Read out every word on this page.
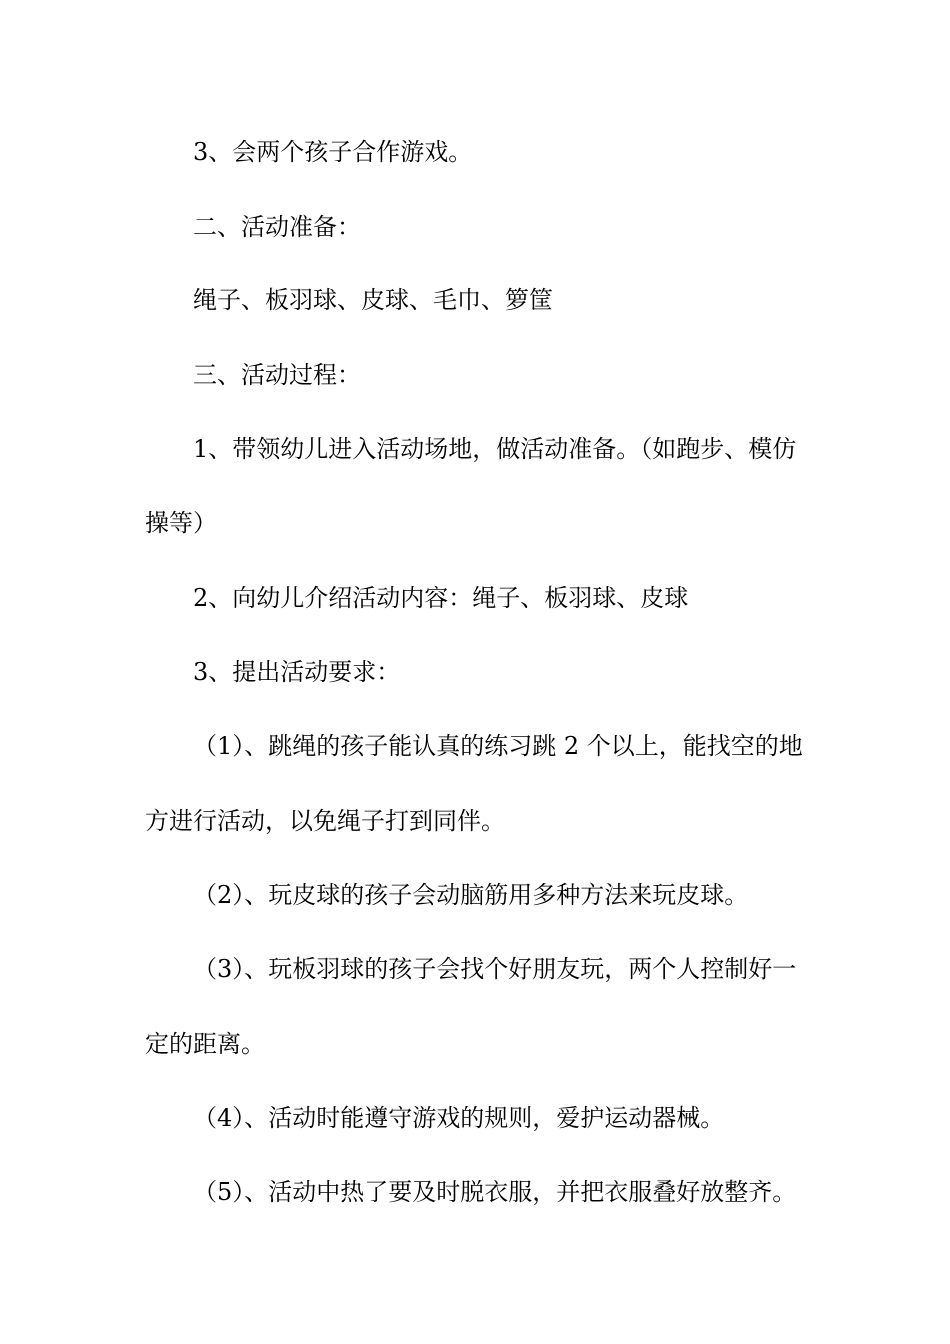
3、会两个孩子合作游戏。
二、活动准备：
绳子、板羽球、皮球、毛巾、箩筐
三、活动过程：
1、带领幼儿进入活动场地，做活动准备。（如跑步、模仿
操等）
2、向幼儿介绍活动内容：绳子、板羽球、皮球
3、提出活动要求：
（1）、跳绳的孩子能认真的练习跳 2 个以上，能找空的地
方进行活动，以免绳子打到同伴。
（2）、玩皮球的孩子会动脑筋用多种方法来玩皮球。
（3）、玩板羽球的孩子会找个好朋友玩，两个人控制好一
定的距离。
（4）、活动时能遵守游戏的规则，爱护运动器械。
（5）、活动中热了要及时脱衣服，并把衣服叠好放整齐。
